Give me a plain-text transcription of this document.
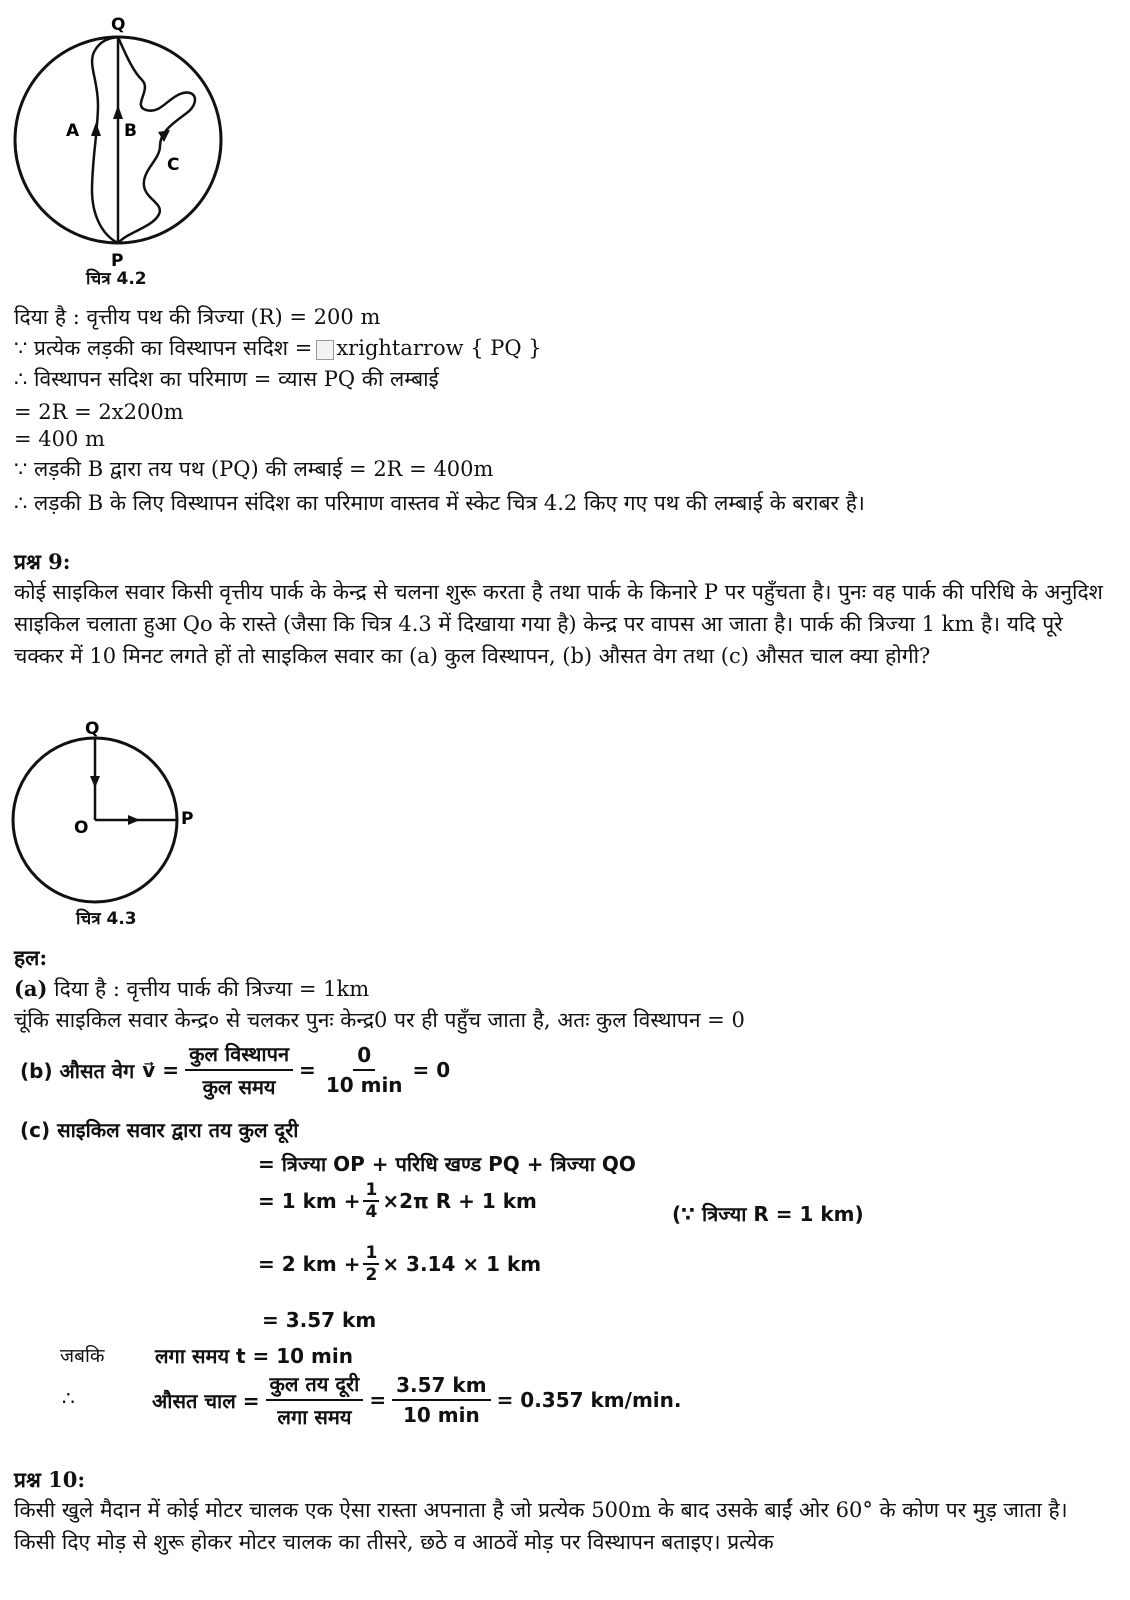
Q
P
A	B
C
चित्र 4.2
दिया है : वृत्तीय पथ की त्रिज्या (R) = 200 m
∵ प्रत्येक लड़की का विस्थापन सदिश = xrightarrow { PQ }
∴ विस्थापन सदिश का परिमाण = व्यास PQ की लम्बाई
= 2R = 2x200m
= 400 m
∵ लड़की B द्वारा तय पथ (PQ) की लम्बाई = 2R = 400m
∴ लड़की B के लिए विस्थापन संदिश का परिमाण वास्तव में स्केट चित्र 4.2 किए गए पथ की लम्बाई के बराबर है।
प्रश्न 9:
कोई साइकिल सवार किसी वृत्तीय पार्क के केन्द्र से चलना शुरू करता है तथा पार्क के किनारे P पर पहुँचता है। पुनः वह पार्क की परिधि के अनुदिश साइकिल चलाता हुआ Qo के रास्ते (जैसा कि चित्र 4.3 में दिखाया गया है) केन्द्र पर वापस आ जाता है। पार्क की त्रिज्या 1 km है। यदि पूरे चक्कर में 10 मिनट लगते हों तो साइकिल सवार का (a) कुल विस्थापन, (b) औसत वेग तथा (c) औसत चाल क्या होगी?
Q
O	P
चित्र 4.3
हल:
(a) दिया है : वृत्तीय पार्क की त्रिज्या = 1km
चूंकि साइकिल सवार केन्द्र० से चलकर पुनः केन्द्र0 पर ही पहुँच जाता है, अतः कुल विस्थापन = 0
(b) औसत वेग v⃗ = $\frac{\text{कुल विस्थापन}}{\text{कुल समय}} = \frac{0}{10 \min} = 0$
(c) साइकिल सवार द्वारा तय कुल दूरी
= त्रिज्या OP + परिधि खण्ड PQ + त्रिज्या QO
= 1 km + $\frac{1}{4} \times 2\pi$ R + 1 km
(∵ त्रिज्या R = 1 km)
= 2 km + $\frac{1}{2} \times 3.14 \times 1$ km
= 3.57 km
जबकि	लगा समय t = 10 min
∴	औसत चाल = $\frac{\text{कुल तय दूरी}}{\text{लगा समय}} = \frac{3.57 km}{10 \min} = 0.357$ km/min.
प्रश्न 10:
किसी खुले मैदान में कोई मोटर चालक एक ऐसा रास्ता अपनाता है जो प्रत्येक 500m के बाद उसके बाईं ओर 60° के कोण पर मुड़ जाता है। किसी दिए मोड़ से शुरू होकर मोटर चालक का तीसरे, छठे व आठवें मोड़ पर विस्थापन बताइए। प्रत्येक
